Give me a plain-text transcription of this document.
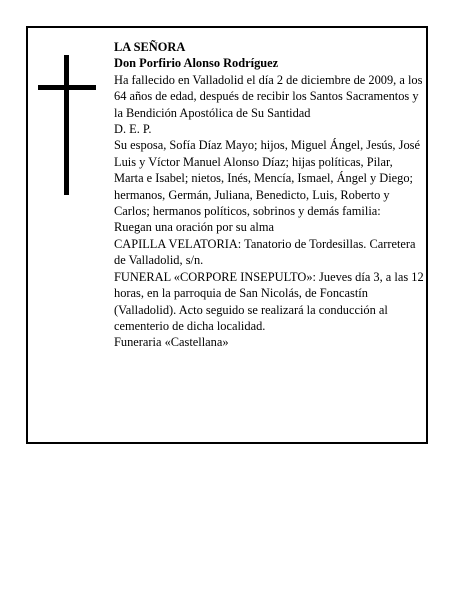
LA SEÑORA

Don Porfirio Alonso Rodríguez

Ha fallecido en Valladolid el día 2 de diciembre de 2009, a los 64 años de edad, después de recibir los Santos Sacramentos y la Bendición Apostólica de Su Santidad

D. E. P.

Su esposa, Sofía Díaz Mayo; hijos, Miguel Ángel, Jesús, José Luis y Víctor Manuel Alonso Díaz; hijas políticas, Pilar, Marta e Isabel; nietos, Inés, Mencía, Ismael, Ángel y Diego; hermanos, Germán, Juliana, Benedicto, Luis, Roberto y Carlos; hermanos políticos, sobrinos y demás familia:

Ruegan una oración por su alma

CAPILLA VELATORIA: Tanatorio de Tordesillas. Carretera de Valladolid, s/n.

FUNERAL «CORPORE INSEPULTO»: Jueves día 3, a las 12 horas, en la parroquia de San Nicolás, de Foncastín (Valladolid). Acto seguido se realizará la conducción al cementerio de dicha localidad.

Funeraria «Castellana»
